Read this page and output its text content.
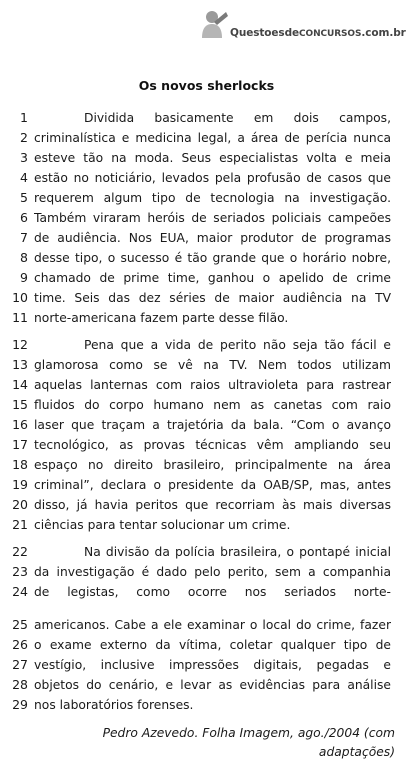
QuestoesdeCONCURSOS.com.br
Os novos sherlocks
1	Dividida basicamente em dois campos,
2 criminalística e medicina legal, a área de perícia nunca
3 esteve tão na moda. Seus especialistas volta e meia
4 estão no noticiário, levados pela profusão de casos que
5 requerem algum tipo de tecnologia na investigação.
6 Também viraram heróis de seriados policiais campeões
7 de audiência. Nos EUA, maior produtor de programas
8 desse tipo, o sucesso é tão grande que o horário nobre,
9 chamado de prime time, ganhou o apelido de crime
10 time. Seis das dez séries de maior audiência na TV
11 norte-americana fazem parte desse filão.
12	Pena que a vida de perito não seja tão fácil e
13 glamorosa como se vê na TV. Nem todos utilizam
14 aquelas lanternas com raios ultravioleta para rastrear
15 fluidos do corpo humano nem as canetas com raio
16 laser que traçam a trajetória da bala. “Com o avanço
17 tecnológico, as provas técnicas vêm ampliando seu
18 espaço no direito brasileiro, principalmente na área
19 criminal”, declara o presidente da OAB/SP, mas, antes
20 disso, já havia peritos que recorriam às mais diversas
21 ciências para tentar solucionar um crime.
22	Na divisão da polícia brasileira, o pontapé inicial
23 da investigação é dado pelo perito, sem a companhia
24 de legistas, como ocorre nos seriados norte-
25 americanos. Cabe a ele examinar o local do crime, fazer
26 o exame externo da vítima, coletar qualquer tipo de
27 vestígio, inclusive impressões digitais, pegadas e
28 objetos do cenário, e levar as evidências para análise
29 nos laboratórios forenses.
Pedro Azevedo. Folha Imagem, ago./2004 (com
adaptações)
